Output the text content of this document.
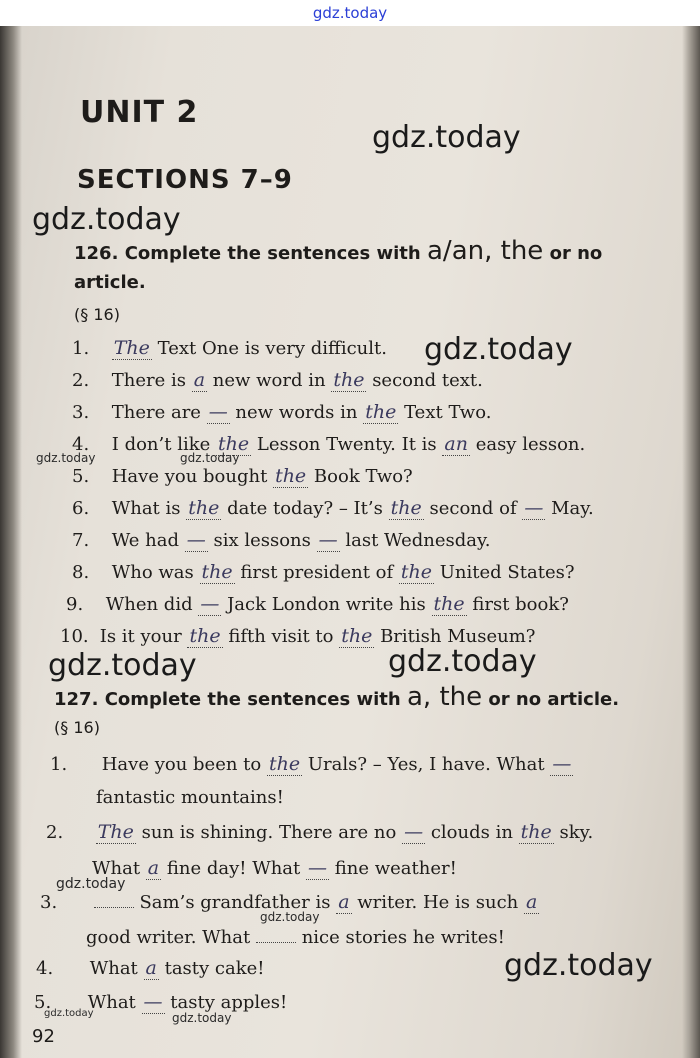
gdz.today
UNIT 2
SECTIONS 7–9
126. Complete the sentences with a/an, the or no
article.
(§ 16)
1. The Text One is very difficult.
2. There is a new word in the second text.
3. There are — new words in the Text Two.
4. I don’t like the Lesson Twenty. It is an easy lesson.
5. Have you bought the Book Two?
6. What is the date today? – It’s the second of — May.
7. We had — six lessons — last Wednesday.
8. Who was the first president of the United States?
9. When did — Jack London write his the first book?
10. Is it your the fifth visit to the British Museum?
127. Complete the sentences with a, the or no article.
(§ 16)
1. Have you been to the Urals? – Yes, I have. What —
fantastic mountains!
2. The sun is shining. There are no — clouds in the sky.
What a fine day! What — fine weather!
3.	Sam’s grandfather is a writer. He is such a
good writer. What	nice stories he writes!
4. What a tasty cake!
5. What — tasty apples!
92
gdz.today
gdz.today
gdz.today
gdz.today	gdz.today
gdz.today
gdz.today	gdz.today
gdz.today
gdz.today
gdz.today	gdz.today
